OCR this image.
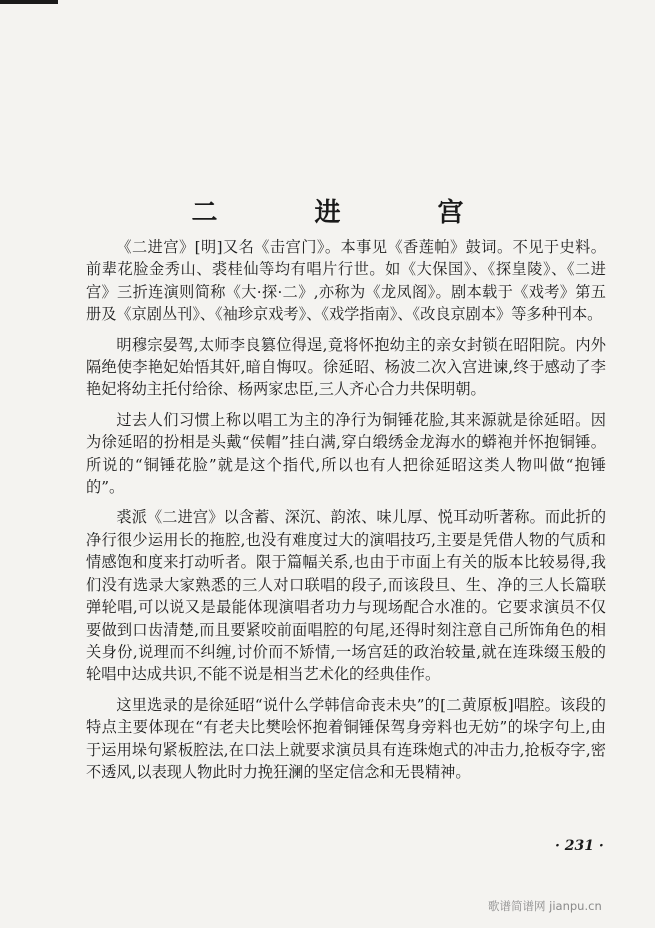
二 进 宫

《二进宫》[明]又名《击宫门》。本事见《香莲帕》鼓词。不见于史料。前辈花脸金秀山、裘桂仙等均有唱片行世。如《大保国》、《探皇陵》、《二进宫》三折连演则简称《大·探·二》,亦称为《龙凤阁》。剧本载于《戏考》第五册及《京剧丛刊》、《袖珍京戏考》、《戏学指南》、《改良京剧本》等多种刊本。

明穆宗晏驾,太师李良篡位得逞,竟将怀抱幼主的亲女封锁在昭阳院。内外隔绝使李艳妃始悟其奸,暗自悔叹。徐延昭、杨波二次入宫进谏,终于感动了李艳妃将幼主托付给徐、杨两家忠臣,三人齐心合力共保明朝。

过去人们习惯上称以唱工为主的净行为铜锤花脸,其来源就是徐延昭。因为徐延昭的扮相是头戴“侯帽”挂白满,穿白缎绣金龙海水的蟒袍并怀抱铜锤。所说的“铜锤花脸”就是这个指代,所以也有人把徐延昭这类人物叫做“抱锤的”。

裘派《二进宫》以含蓄、深沉、韵浓、味儿厚、悦耳动听著称。而此折的净行很少运用长的拖腔,也没有难度过大的演唱技巧,主要是凭借人物的气质和情感饱和度来打动听者。限于篇幅关系,也由于市面上有关的版本比较易得,我们没有选录大家熟悉的三人对口联唱的段子,而该段旦、生、净的三人长篇联弹轮唱,可以说又是最能体现演唱者功力与现场配合水准的。它要求演员不仅要做到口齿清楚,而且要紧咬前面唱腔的句尾,还得时刻注意自己所饰角色的相关身份,说理而不纠缠,讨价而不矫情,一场宫廷的政治较量,就在连珠缀玉般的轮唱中达成共识,不能不说是相当艺术化的经典佳作。

这里选录的是徐延昭“说什么学韩信命丧未央”的[二黄原板]唱腔。该段的特点主要体现在“有老夫比樊哙怀抱着铜锤保驾身旁料也无妨”的垛字句上,由于运用垛句紧板腔法,在口法上就要求演员具有连珠炮式的冲击力,抢板夺字,密不透风,以表现人物此时力挽狂澜的坚定信念和无畏精神。

· 231 ·
歌谱简谱网 jianpu.cn
